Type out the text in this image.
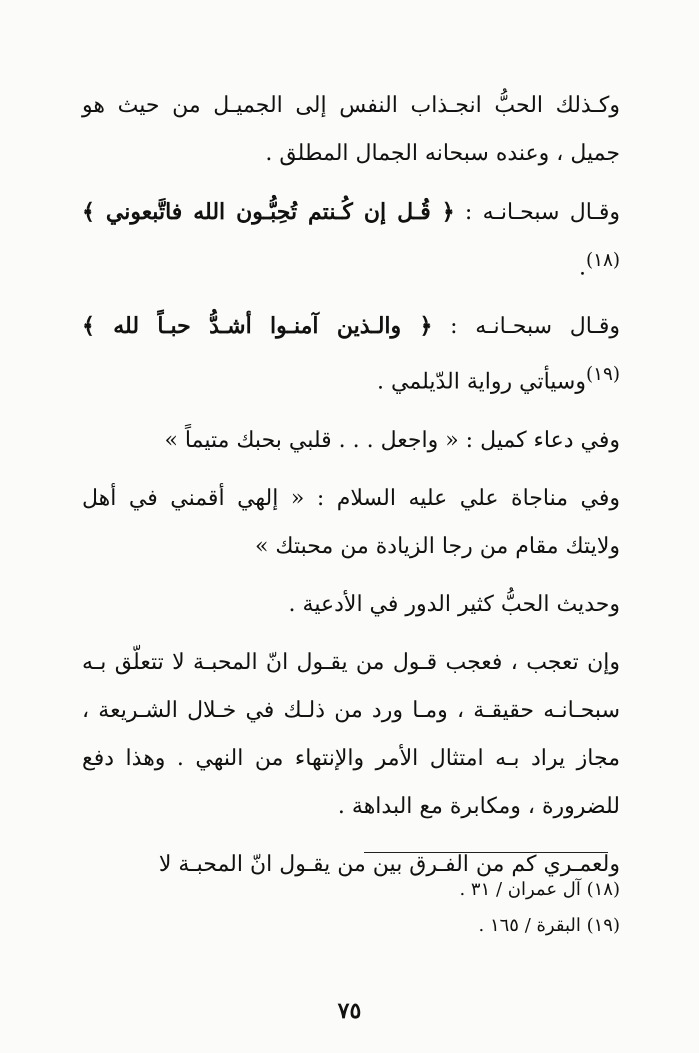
وكـذلك الحبُّ انجـذاب النفس إلى الجميـل من حيث هو جميل ، وعنده سبحانه الجمال المطلق .

وقـال سبحـانـه : ﴿ قُـل إن كُـنتم تُحِبُّـون الله فاتَّبعوني ﴾$^{(١٨)}$.

وقـال سبحـانـه : ﴿ والـذين آمنـوا أشـدُّ حبـاً لله ﴾$^{(١٩)}$وسيأتي رواية الدّيلمي .

وفي دعاء كميل : « واجعل . . . قلبي بحبك متيماً »

وفي مناجاة علي عليه السلام : « إلهي أقمني في أهل ولايتك مقام من رجا الزيادة من محبتك »

وحديث الحبُّ كثير الدور في الأدعية .

وإن تعجب ، فعجب قـول من يقـول انّ المحبـة لا تتعلّق بـه سبحـانـه حقيقـة ، ومـا ورد من ذلـك في خـلال الشـريعة ، مجاز يراد بـه امتثال الأمر والإنتهاء من النهي . وهذا دفع للضرورة ، ومكابرة مع البداهة .

ولعمـري كم من الفـرق بين من يقـول انّ المحبـة لا

(١٨) آل عمران / ٣١ .

(١٩) البقرة / ١٦٥ .

٧٥
